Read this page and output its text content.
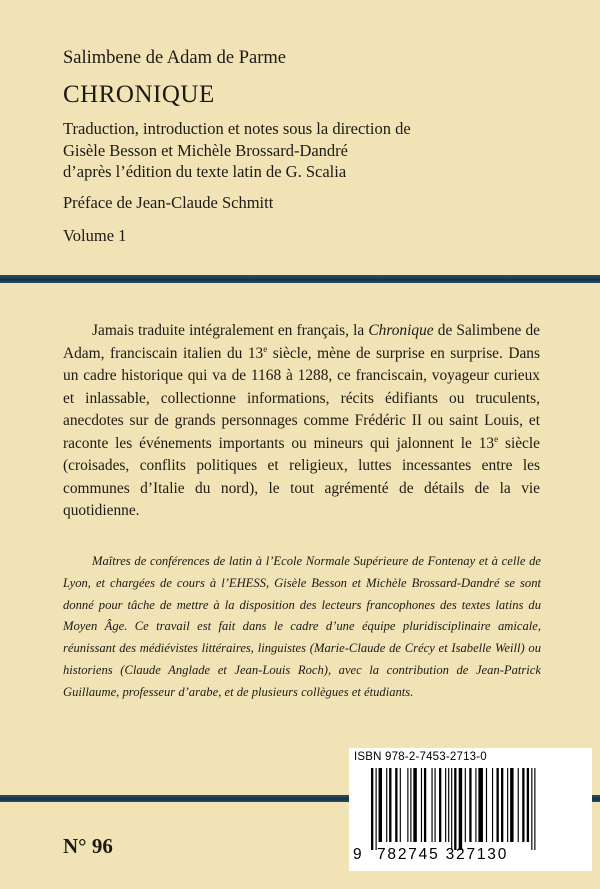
Salimbene de Adam de Parme
CHRONIQUE
Traduction, introduction et notes sous la direction de
Gisèle Besson et Michèle Brossard-Dandré
d’après l’édition du texte latin de G. Scalia
Préface de Jean-Claude Schmitt
Volume 1

Jamais traduite intégralement en français, la Chronique de Salimbene de Adam, franciscain italien du 13e siècle, mène de surprise en surprise. Dans un cadre historique qui va de 1168 à 1288, ce franciscain, voyageur curieux et inlassable, collectionne informations, récits édifiants ou truculents, anecdotes sur de grands personnages comme Frédéric II ou saint Louis, et raconte les événements importants ou mineurs qui jalonnent le 13e siècle (croisades, conflits politiques et religieux, luttes incessantes entre les communes d’Italie du nord), le tout agrémenté de détails de la vie quotidienne.

Maîtres de conférences de latin à l’Ecole Normale Supérieure de Fontenay et à celle de Lyon, et chargées de cours à l’EHESS, Gisèle Besson et Michèle Brossard-Dandré se sont donné pour tâche de mettre à la disposition des lecteurs francophones des textes latins du Moyen Âge. Ce travail est fait dans le cadre d’une équipe pluridisciplinaire amicale, réunissant des médiévistes littéraires, linguistes (Marie-Claude de Crécy et Isabelle Weill) ou historiens (Claude Anglade et Jean-Louis Roch), avec la contribution de Jean-Patrick Guillaume, professeur d’arabe, et de plusieurs collègues et étudiants.

N° 96
ISBN 978-2-7453-2713-0
9 782745 327130
